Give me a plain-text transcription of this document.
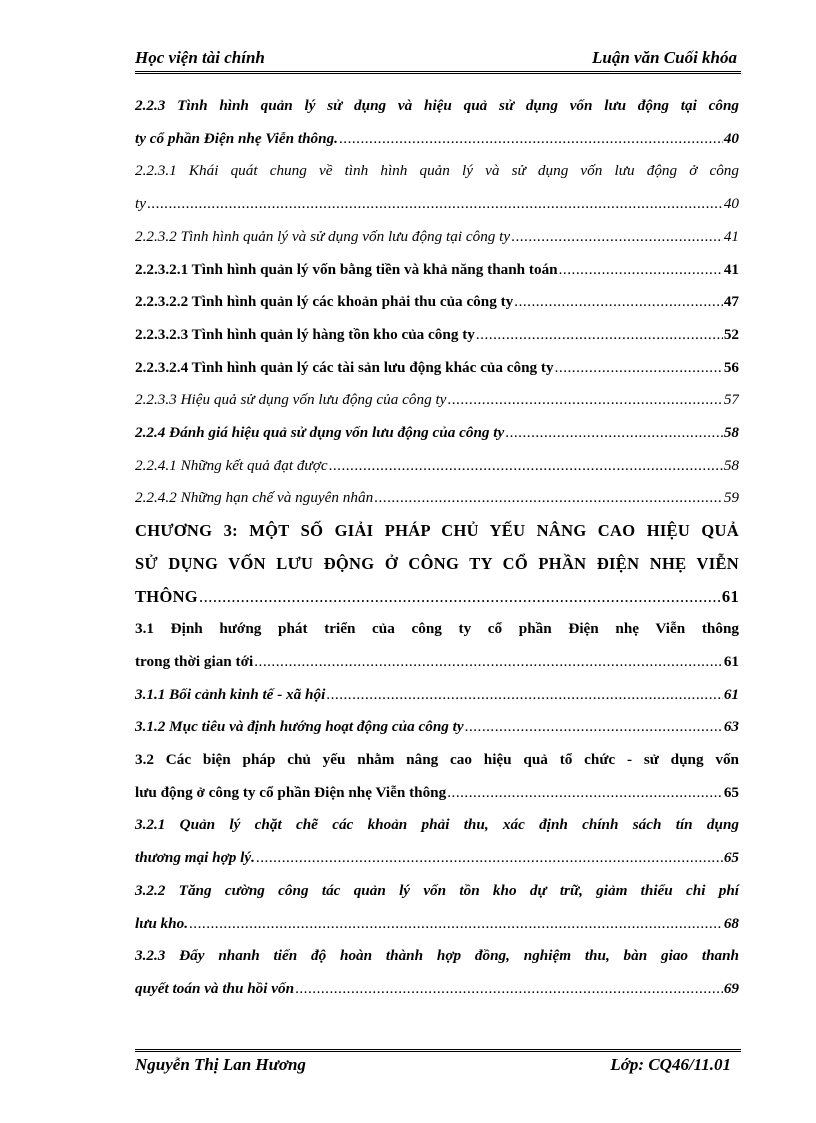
Học viện tài chính	Luận văn Cuối khóa
2.2.3 Tình hình quản lý sử dụng và hiệu quả sử dụng vốn lưu động tại công
ty cổ phần Điện nhẹ Viễn thông. .....	40
2.2.3.1 Khái quát chung về tình hình quản lý và sử dụng vốn lưu động ở công
ty .....	40
2.2.3.2 Tình hình quản lý và sử dụng vốn lưu động tại công ty .....	41
2.2.3.2.1 Tình hình quản lý vốn bằng tiền và khả năng thanh toán .....	41
2.2.3.2.2 Tình hình quản lý các khoản phải thu của công ty .....	47
2.2.3.2.3 Tình hình quản lý hàng tồn kho của công ty .....	52
2.2.3.2.4 Tình hình quản lý các tài sản lưu động khác của công ty .....	56
2.2.3.3 Hiệu quả sử dụng vốn lưu động của công ty .....	57
2.2.4 Đánh giá hiệu quả sử dụng vốn lưu động của công ty .....	58
2.2.4.1 Những kết quả đạt được .....	58
2.2.4.2 Những hạn chế và nguyên nhân .....	59
CHƯƠNG 3: MỘT SỐ GIẢI PHÁP CHỦ YẾU NÂNG CAO HIỆU QUẢ
SỬ DỤNG VỐN LƯU ĐỘNG Ở CÔNG TY CỔ PHẦN ĐIỆN NHẸ VIỄN
THÔNG .....	61
3.1 Định hướng phát triển của công ty cổ phần Điện nhẹ Viễn thông
trong thời gian tới .....	61
3.1.1 Bối cảnh kinh tế - xã hội .....	61
3.1.2 Mục tiêu và định hướng hoạt động của công ty .....	63
3.2 Các biện pháp chủ yếu nhằm nâng cao hiệu quả tổ chức - sử dụng vốn
lưu động ở công ty cổ phần Điện nhẹ Viễn thông .....	65
3.2.1 Quản lý chặt chẽ các khoản phải thu, xác định chính sách tín dụng
thương mại hợp lý. .....	65
3.2.2 Tăng cường công tác quản lý vốn tồn kho dự trữ, giảm thiểu chi phí
lưu kho. .....	68
3.2.3 Đẩy nhanh tiến độ hoàn thành hợp đồng, nghiệm thu, bàn giao thanh
quyết toán và thu hồi vốn .....	69
Nguyễn Thị Lan Hương	Lớp: CQ46/11.01
